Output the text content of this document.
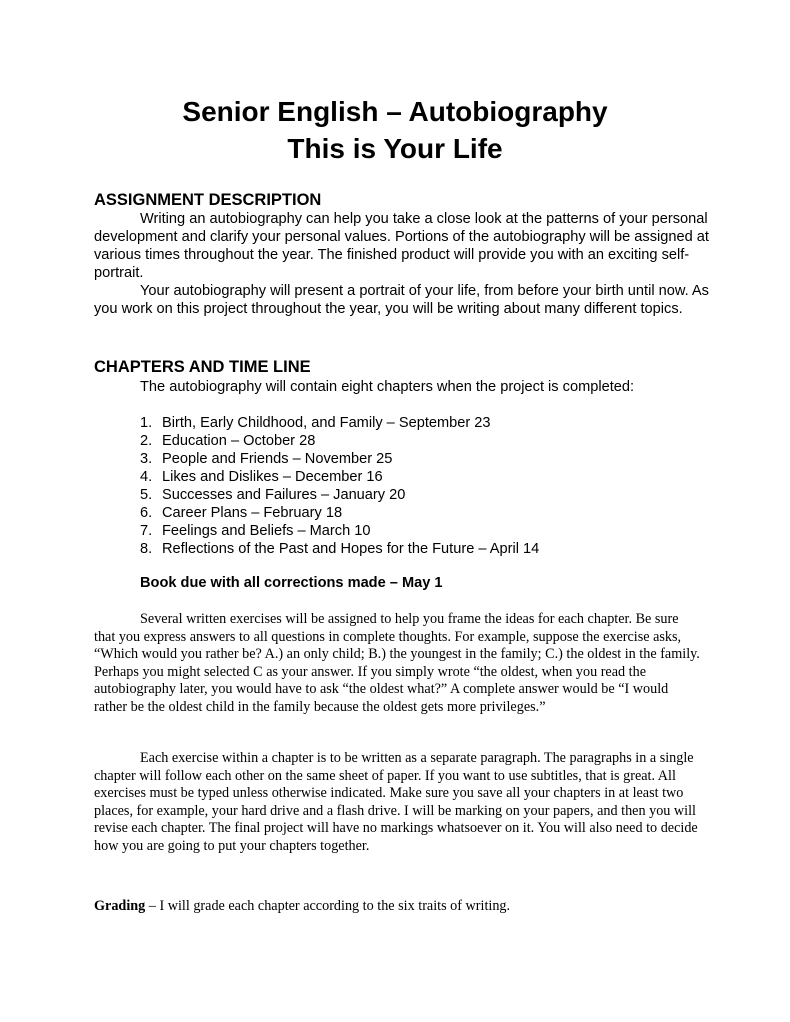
Senior English – Autobiography
This is Your Life
ASSIGNMENT DESCRIPTION

Writing an autobiography can help you take a close look at the patterns of your personal development and clarify your personal values. Portions of the autobiography will be assigned at various times throughout the year. The finished product will provide you with an exciting self-portrait.

Your autobiography will present a portrait of your life, from before your birth until now. As you work on this project throughout the year, you will be writing about many different topics.

CHAPTERS AND TIME LINE

The autobiography will contain eight chapters when the project is completed:

1. Birth, Early Childhood, and Family – September 23
2. Education – October 28
3. People and Friends – November 25
4. Likes and Dislikes – December 16
5. Successes and Failures – January 20
6. Career Plans – February 18
7. Feelings and Beliefs – March 10
8. Reflections of the Past and Hopes for the Future – April 14

Book due with all corrections made – May 1

Several written exercises will be assigned to help you frame the ideas for each chapter. Be sure that you express answers to all questions in complete thoughts. For example, suppose the exercise asks, “Which would you rather be? A.) an only child; B.) the youngest in the family; C.) the oldest in the family. Perhaps you might selected C as your answer. If you simply wrote “the oldest, when you read the autobiography later, you would have to ask “the oldest what?” A complete answer would be “I would rather be the oldest child in the family because the oldest gets more privileges.”

Each exercise within a chapter is to be written as a separate paragraph. The paragraphs in a single chapter will follow each other on the same sheet of paper. If you want to use subtitles, that is great. All exercises must be typed unless otherwise indicated. Make sure you save all your chapters in at least two places, for example, your hard drive and a flash drive. I will be marking on your papers, and then you will revise each chapter. The final project will have no markings whatsoever on it. You will also need to decide how you are going to put your chapters together.

Grading – I will grade each chapter according to the six traits of writing.
